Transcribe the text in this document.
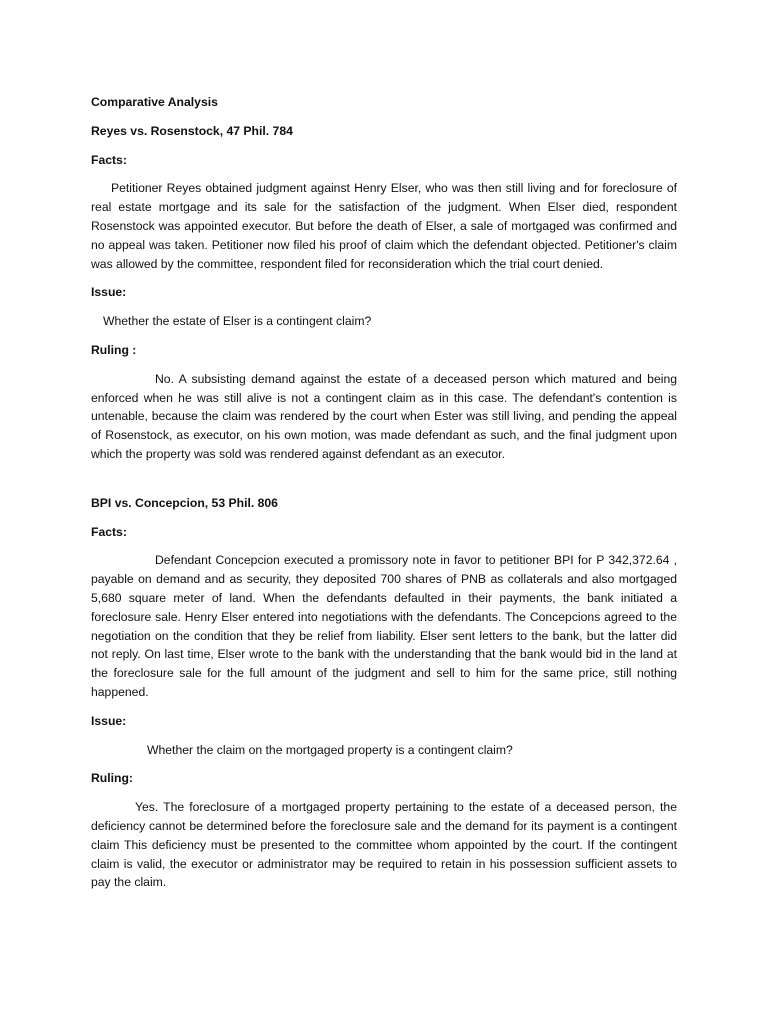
Comparative Analysis

Reyes vs. Rosenstock, 47 Phil. 784

Facts:

Petitioner Reyes obtained judgment against Henry Elser, who was then still living and for foreclosure of real estate mortgage and its sale for the satisfaction of the judgment. When Elser died, respondent Rosenstock was appointed executor. But before the death of Elser, a sale of mortgaged was confirmed and no appeal was taken. Petitioner now filed his proof of claim which the defendant objected. Petitioner's claim was allowed by the committee, respondent filed for reconsideration which the trial court denied.

Issue:

Whether the estate of Elser is a contingent claim?

Ruling :

No. A subsisting demand against the estate of a deceased person which matured and being enforced when he was still alive is not a contingent claim as in this case. The defendant's contention is untenable, because the claim was rendered by the court when Ester was still living, and pending the appeal of Rosenstock, as executor, on his own motion, was made defendant as such, and the final judgment upon which the property was sold was rendered against defendant as an executor.

BPI vs. Concepcion, 53 Phil. 806

Facts:

Defendant Concepcion executed a promissory note in favor to petitioner BPI for P 342,372.64 , payable on demand and as security, they deposited 700 shares of PNB as collaterals and also mortgaged 5,680 square meter of land. When the defendants defaulted in their payments, the bank initiated a foreclosure sale. Henry Elser entered into negotiations with the defendants. The Concepcions agreed to the negotiation on the condition that they be relief from liability. Elser sent letters to the bank, but the latter did not reply. On last time, Elser wrote to the bank with the understanding that the bank would bid in the land at the foreclosure sale for the full amount of the judgment and sell to him for the same price, still nothing happened.

Issue:

Whether the claim on the mortgaged property is a contingent claim?

Ruling:

Yes. The foreclosure of a mortgaged property pertaining to the estate of a deceased person, the deficiency cannot be determined before the foreclosure sale and the demand for its payment is a contingent claim This deficiency must be presented to the committee whom appointed by the court. If the contingent claim is valid, the executor or administrator may be required to retain in his possession sufficient assets to pay the claim.
